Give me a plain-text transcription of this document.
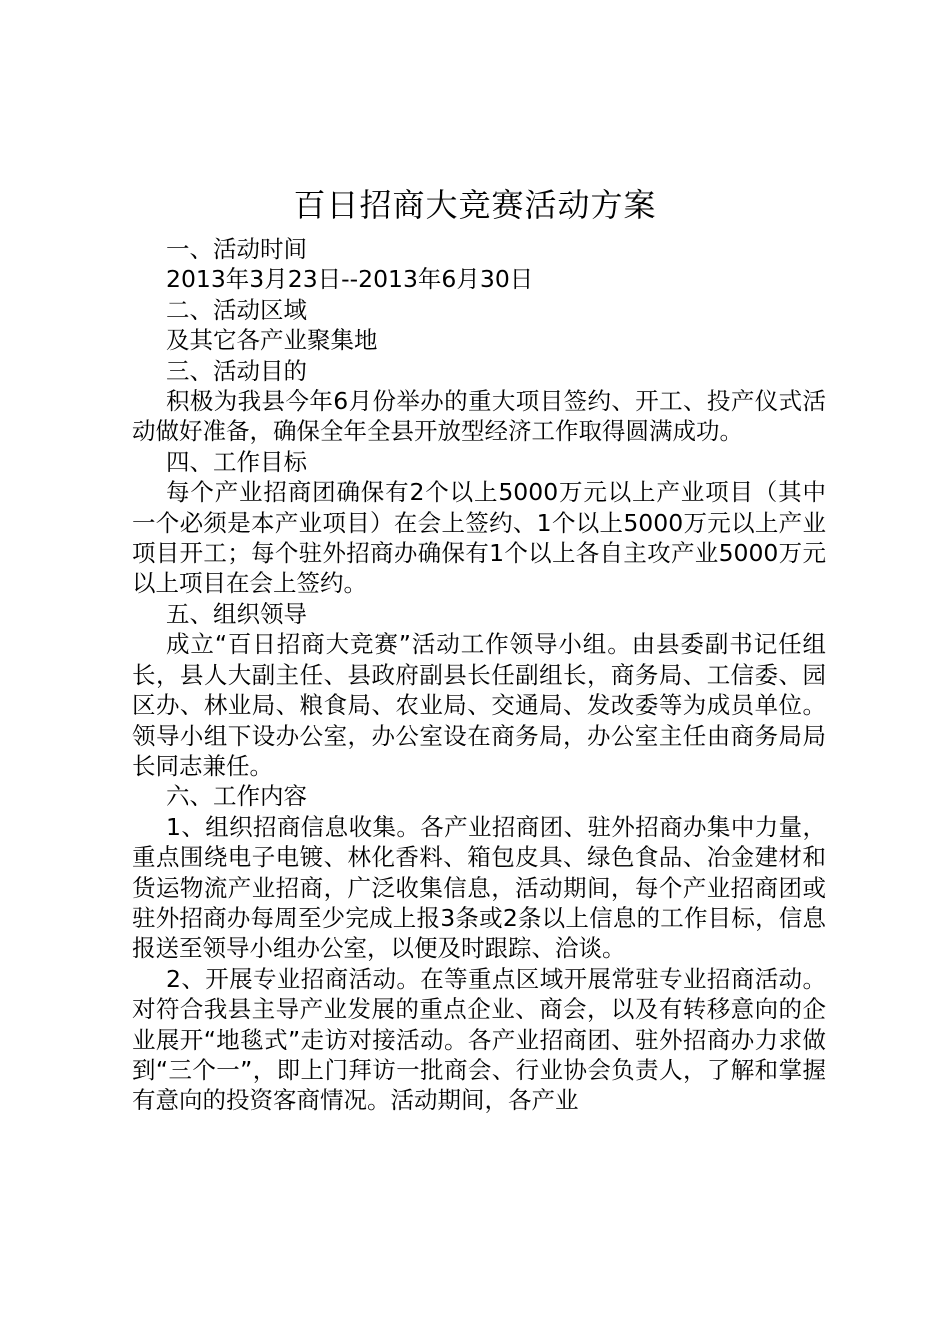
百日招商大竞赛活动方案

一、活动时间

2013年3月23日--2013年6月30日

二、活动区域

及其它各产业聚集地

三、活动目的

积极为我县今年6月份举办的重大项目签约、开工、投产仪式活动做好准备，确保全年全县开放型经济工作取得圆满成功。

四、工作目标

每个产业招商团确保有2个以上5000万元以上产业项目（其中一个必须是本产业项目）在会上签约、1个以上5000万元以上产业项目开工；每个驻外招商办确保有1个以上各自主攻产业5000万元以上项目在会上签约。

五、组织领导

成立“百日招商大竞赛”活动工作领导小组。由县委副书记任组长，县人大副主任、县政府副县长任副组长，商务局、工信委、园区办、林业局、粮食局、农业局、交通局、发改委等为成员单位。领导小组下设办公室，办公室设在商务局，办公室主任由商务局局长同志兼任。

六、工作内容

1、组织招商信息收集。各产业招商团、驻外招商办集中力量，重点围绕电子电镀、林化香料、箱包皮具、绿色食品、冶金建材和货运物流产业招商，广泛收集信息，活动期间，每个产业招商团或驻外招商办每周至少完成上报3条或2条以上信息的工作目标，信息报送至领导小组办公室，以便及时跟踪、洽谈。

2、开展专业招商活动。在等重点区域开展常驻专业招商活动。对符合我县主导产业发展的重点企业、商会，以及有转移意向的企业展开“地毯式”走访对接活动。各产业招商团、驻外招商办力求做到“三个一”，即上门拜访一批商会、行业协会负责人，了解和掌握有意向的投资客商情况。活动期间，各产业
